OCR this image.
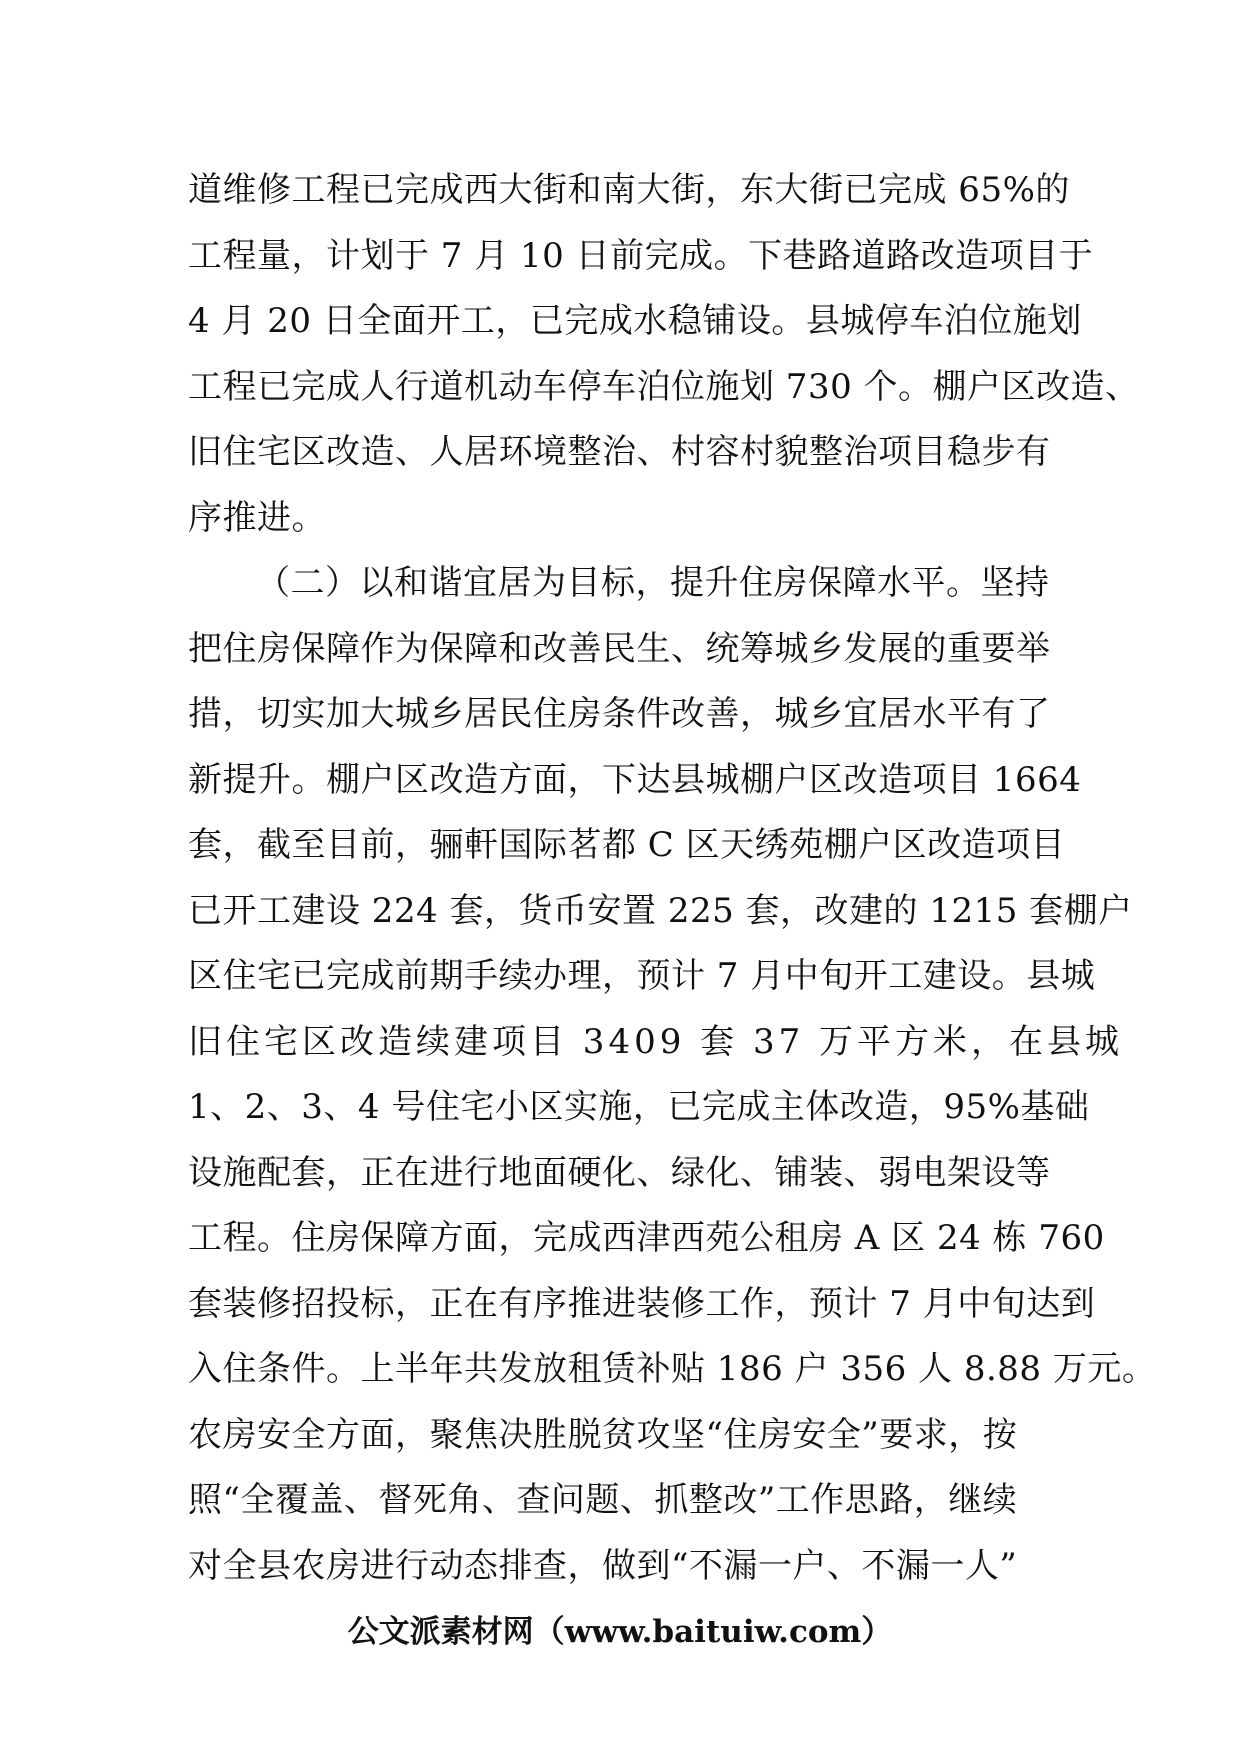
道维修工程已完成西大街和南大街，东大街已完成 65%的
工程量，计划于 7 月 10 日前完成。下巷路道路改造项目于
4 月 20 日全面开工，已完成水稳铺设。县城停车泊位施划
工程已完成人行道机动车停车泊位施划 730 个。棚户区改造、
旧住宅区改造、人居环境整治、村容村貌整治项目稳步有
序推进。
（二）以和谐宜居为目标，提升住房保障水平。坚持
把住房保障作为保障和改善民生、统筹城乡发展的重要举
措，切实加大城乡居民住房条件改善，城乡宜居水平有了
新提升。棚户区改造方面，下达县城棚户区改造项目 1664
套，截至目前，骊軒国际茗都 C 区天绣苑棚户区改造项目
已开工建设 224 套，货币安置 225 套，改建的 1215 套棚户
区住宅已完成前期手续办理，预计 7 月中旬开工建设。县城
旧住宅区改造续建项目 3409 套 37 万平方米，在县城
1、2、3、4 号住宅小区实施，已完成主体改造，95%基础
设施配套，正在进行地面硬化、绿化、铺装、弱电架设等
工程。住房保障方面，完成西津西苑公租房 A 区 24 栋 760
套装修招投标，正在有序推进装修工作，预计 7 月中旬达到
入住条件。上半年共发放租赁补贴 186 户 356 人 8.88 万元。
农房安全方面，聚焦决胜脱贫攻坚“住房安全”要求，按
照“全覆盖、督死角、查问题、抓整改”工作思路，继续
对全县农房进行动态排查，做到“不漏一户、不漏一人”
公文派素材网（www.baituiw.com）
